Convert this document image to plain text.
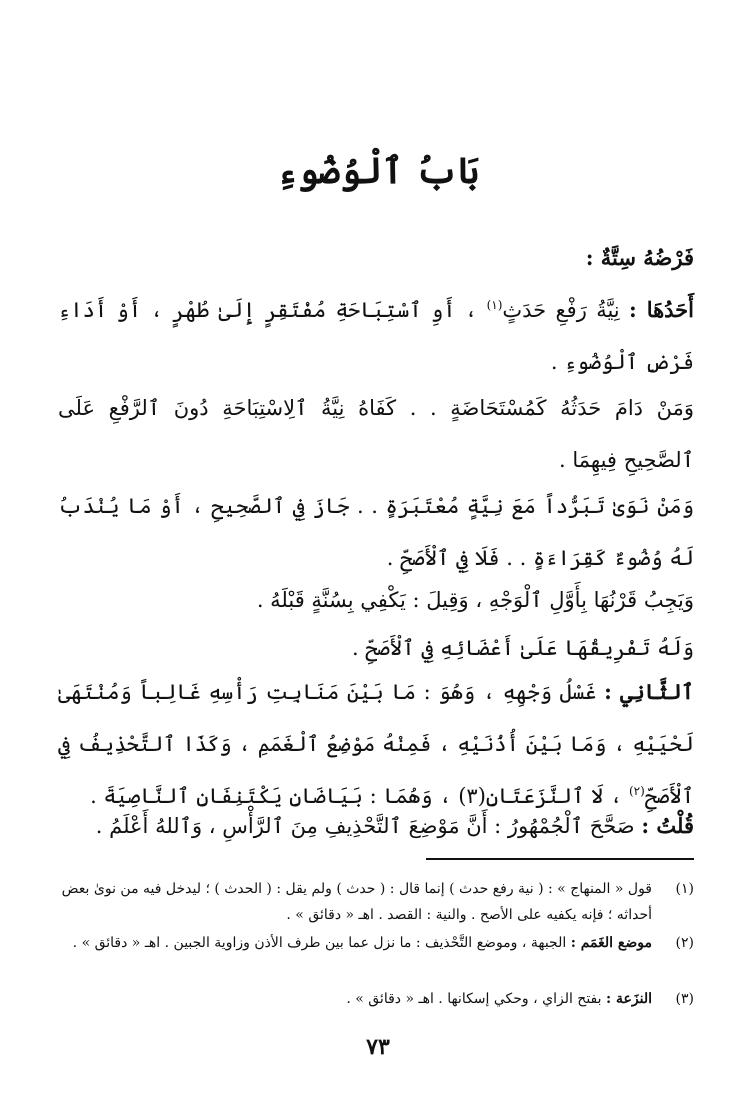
بَابُ ٱلْوُضُوءِ

فَرْضُهُ سِتَّةٌ :

أَحَدُهَا : نِيَّةُ رَفْعِ حَدَثٍ$^{(١)}$ ، أَوِ ٱسْتِبَاحَةِ مُفْتَقِرٍ إِلَىٰ طُهْرٍ ، أَوْ أَدَاءِ فَرْضِ ٱلْوُضُوءِ .

وَمَنْ دَامَ حَدَثُهُ كَمُسْتَحَاضَةٍ . . كَفَاهُ نِيَّةُ ٱلِاسْتِبَاحَةِ دُونَ ٱلرَّفْعِ عَلَى ٱلصَّحِيحِ فِيهِمَا .

وَمَنْ نَوَىٰ تَبَرُّداً مَعَ نِيَّةٍ مُعْتَبَرَةٍ . . جَازَ فِي ٱلصَّحِيحِ ، أَوْ مَا يُنْدَبُ لَهُ وُضُوءٌ كَقِرَاءَةٍ . . فَلَا فِي ٱلْأَصَحِّ .

وَيَجِبُ قَرْنُهَا بِأَوَّلِ ٱلْوَجْهِ ، وَقِيلَ : يَكْفِي بِسُنَّةٍ قَبْلَهُ .

وَلَهُ تَفْرِيقُهَا عَلَىٰ أَعْضَائِهِ فِي ٱلْأَصَحِّ .

ٱلثَّانِي : غَسْلُ وَجْهِهِ ، وَهُوَ : مَا بَيْنَ مَنَابِتِ رَأْسِهِ غَالِباً وَمُنْتَهَىٰ لَحْيَيْهِ ، وَمَا بَيْنَ أُذُنَيْهِ ، فَمِنْهُ مَوْضِعُ ٱلْغَمَمِ ، وَكَذَا ٱلتَّحْذِيفُ فِي ٱلْأَصَحِّ$^{(٢)}$ ، لَا ٱلنَّزَعَتَانِ(٣) ، وَهُمَا : بَيَاضَانِ يَكْتَنِفَانِ ٱلنَّاصِيَةَ .

قُلْتُ : صَحَّحَ ٱلْجُمْهُورُ : أَنَّ مَوْضِعَ ٱلتَّحْذِيفِ مِنَ ٱلرَّأْسِ ، وَٱللهُ أَعْلَمُ .

(١)
قول « المنهاج » : ( نية رفع حدث ) إنما قال : ( حدث ) ولم يقل : ( الحدث ) ؛ ليدخل فيه من نوىٰ بعض أحداثه ؛ فإنه يكفيه على الأصح . والنية : القصد . اهـ « دقائق » .

(٢)
موضع الغَمَم : الجبهة ، وموضع التَّحْذيف : ما نزل عما بين طرف الأذن وزاوية الجبين . اهـ « دقائق » .

(٣)
النزَعة : بفتح الزاي ، وحكي إسكانها . اهـ « دقائق » .

٧٣
